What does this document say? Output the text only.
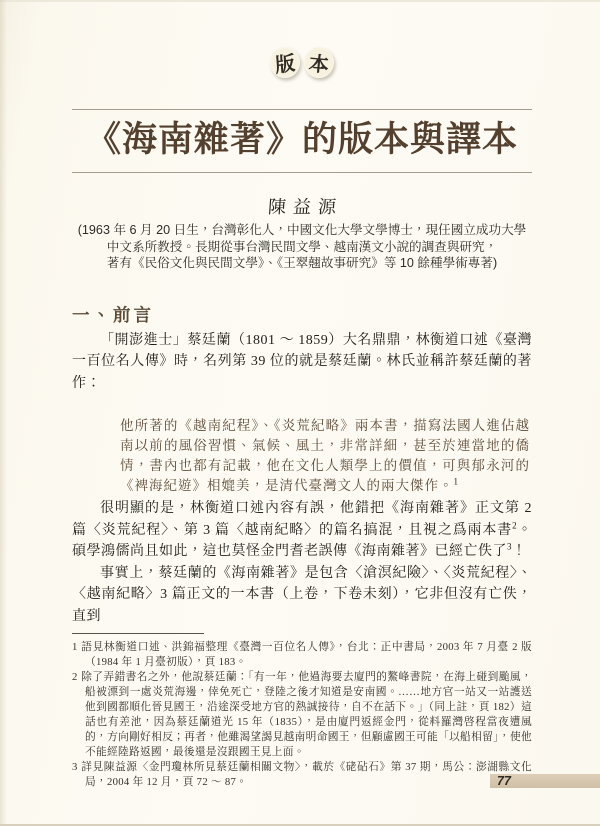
版 本
《海南雜著》的版本與譯本
陳益源
(1963 年 6 月 20 日生，台灣彰化人，中國文化大學文學博士，現任國立成功大學
中文系所教授。長期從事台灣民間文學、越南漢文小說的調查與研究，
著有《民俗文化與民間文學》、《王翠翹故事研究》等 10 餘種學術專著)
一、前言

「開澎進士」蔡廷蘭（1801 ～ 1859）大名鼎鼎，林衡道口述《臺灣一百位名人傳》時，名列第 39 位的就是蔡廷蘭。林氏並稱許蔡廷蘭的著作：

他所著的《越南紀程》、《炎荒紀略》兩本書，描寫法國人進佔越南以前的風俗習慣、氣候、風土，非常詳細，甚至於連當地的僑情，書內也都有記載，他在文化人類學上的價值，可與郁永河的《裨海紀遊》相媲美，是清代臺灣文人的兩大傑作。$^1$

很明顯的是，林衡道口述內容有誤，他錯把《海南雜著》正文第 2 篇〈炎荒紀程〉、第 3 篇〈越南紀略〉的篇名搞混，且視之爲兩本書$^2$。碩學鴻儒尚且如此，這也莫怪金門耆老誤傳《海南雜著》已經亡佚了$^3$！

事實上，蔡廷蘭的《海南雜著》是包含〈滄溟紀險〉、〈炎荒紀程〉、〈越南紀略〉3 篇正文的一本書（上卷，下卷未刻），它非但沒有亡佚，直到

1 語見林衡道口述、洪錦福整理《臺灣一百位名人傳》，台北：正中書局，2003 年 7 月臺 2 版（1984 年 1 月臺初版），頁 183。
2 除了弄錯書名之外，他說蔡廷蘭：「有一年，他過海要去廈門的鰲峰書院，在海上碰到颱風，船被漂到一處炎荒海邊，倖免死亡，登陸之後才知道是安南國。……地方官一站又一站護送他到國都順化晉見國王，沿途深受地方官的熱誠接待，自不在話下。」（同上註，頁 182）這話也有差池，因為蔡廷蘭道光 15 年（1835），是由廈門返經金門，從料羅灣啓程當夜遭風的，方向剛好相反；再者，他雖渴望謁見越南明命國王，但顧慮國王可能「以船相留」，使他不能經陸路返國，最後還是沒跟國王見上面。
3 詳見陳益源〈金門瓊林所見蔡廷蘭相關文物〉，載於《硓砧石》第 37 期，馬公：澎湖縣文化局，2004 年 12 月，頁 72 ～ 87。	77
